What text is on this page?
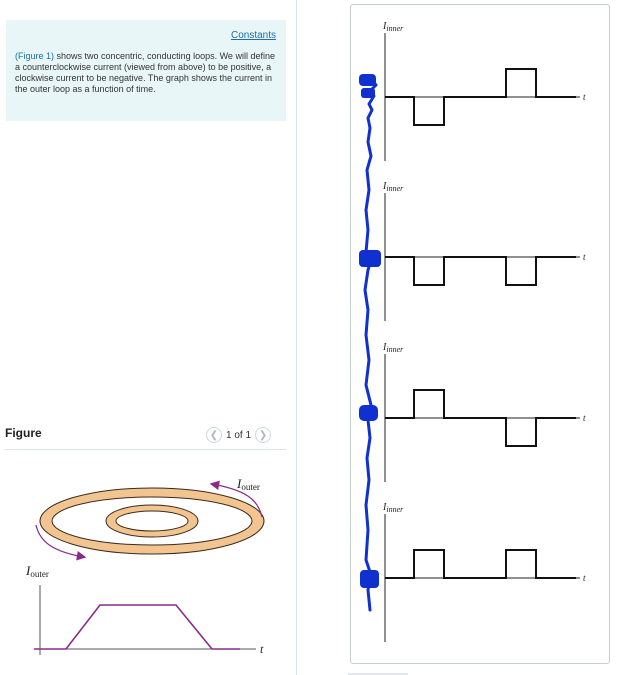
Constants
(Figure 1) shows two concentric, conducting loops. We will define a counterclockwise current (viewed from above) to be positive, a clockwise current to be negative. The graph shows the current in the outer loop as a function of time.
Figure	❮ 1 of 1 ❯
Iouter
Iouter
t
$I_{inner}$
t
$I_{inner}$
t
$I_{inner}$
t
$I_{inner}$
t
